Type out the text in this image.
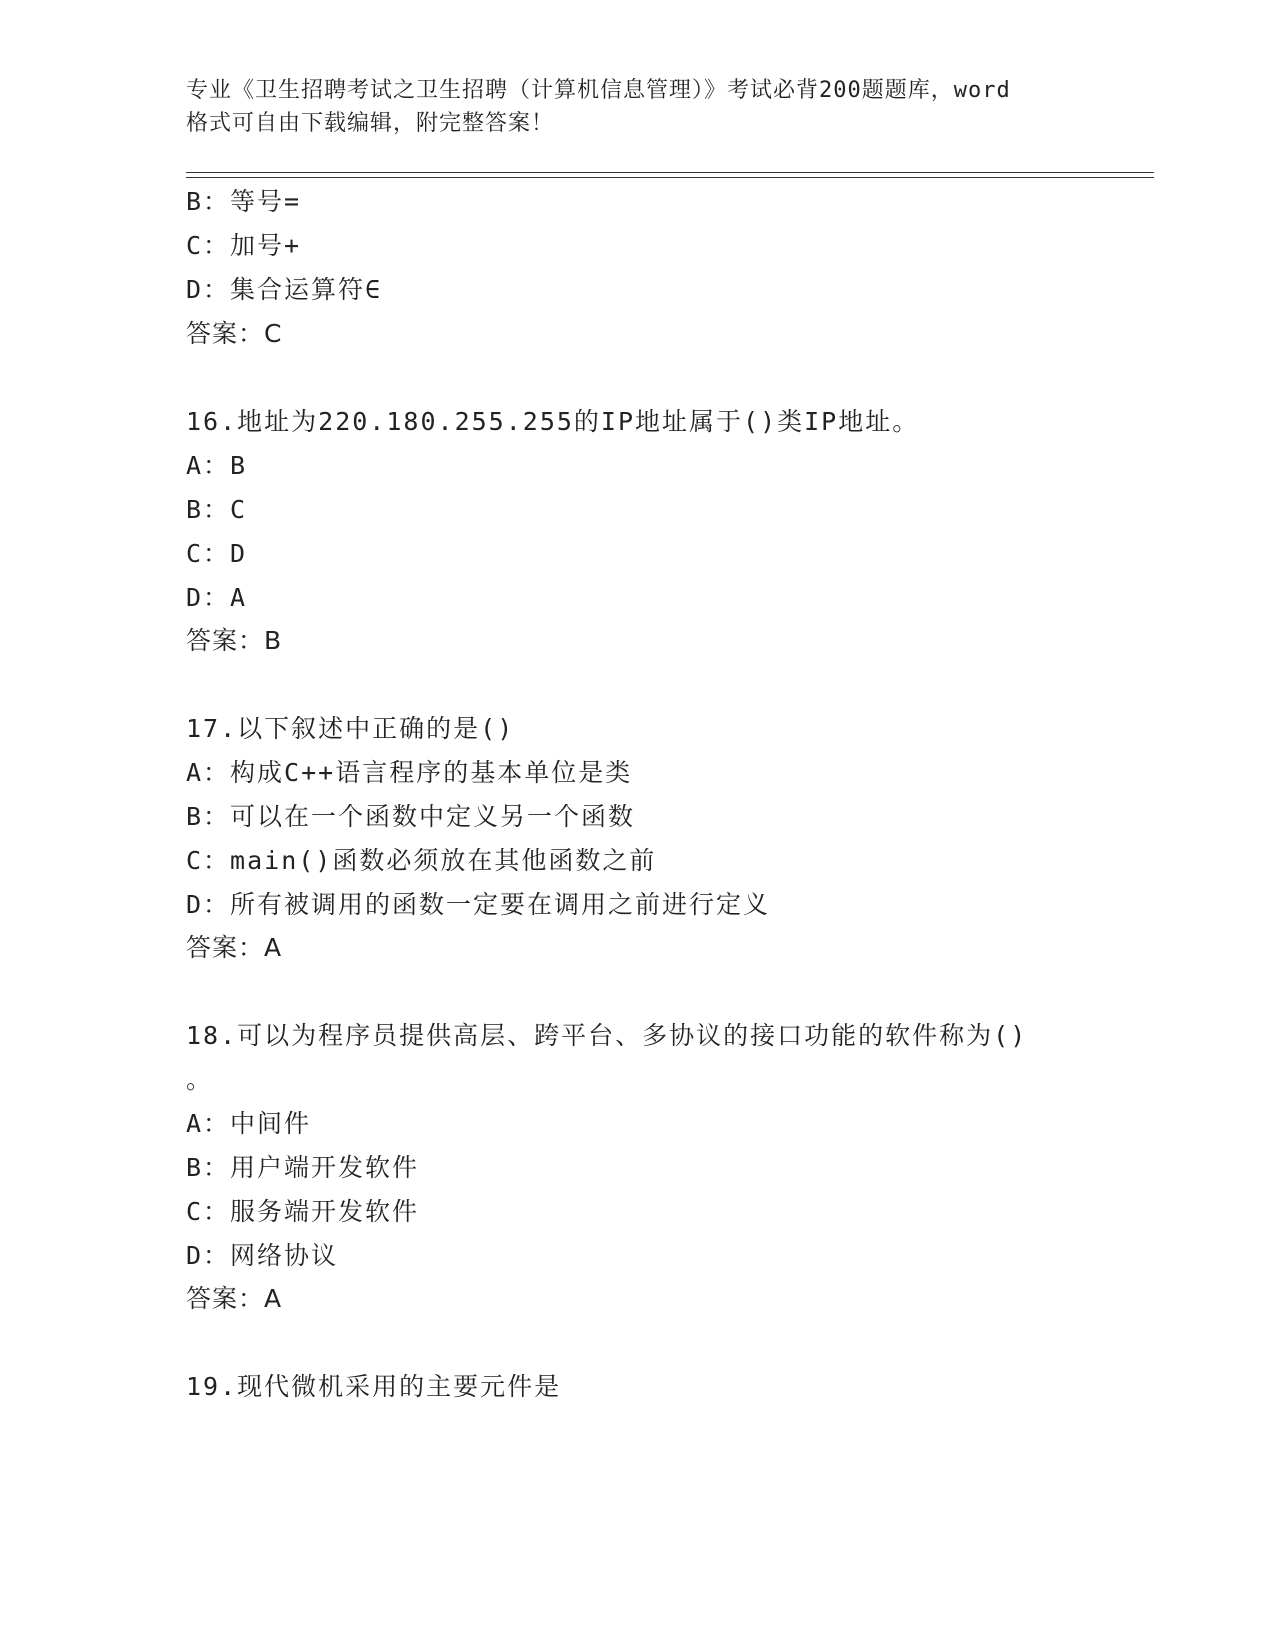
专业《卫生招聘考试之卫生招聘（计算机信息管理）》考试必背200题题库，word
格式可自由下载编辑，附完整答案！
B：等号=
C：加号+
D：集合运算符∈
答案：C
16.地址为220.180.255.255的IP地址属于()类IP地址。
A：B
B：C
C：D
D：A
答案：B
17.以下叙述中正确的是()
A：构成C++语言程序的基本单位是类
B：可以在一个函数中定义另一个函数
C：main()函数必须放在其他函数之前
D：所有被调用的函数一定要在调用之前进行定义
答案：A
18.可以为程序员提供高层、跨平台、多协议的接口功能的软件称为()
。
A：中间件
B：用户端开发软件
C：服务端开发软件
D：网络协议
答案：A
19.现代微机采用的主要元件是
